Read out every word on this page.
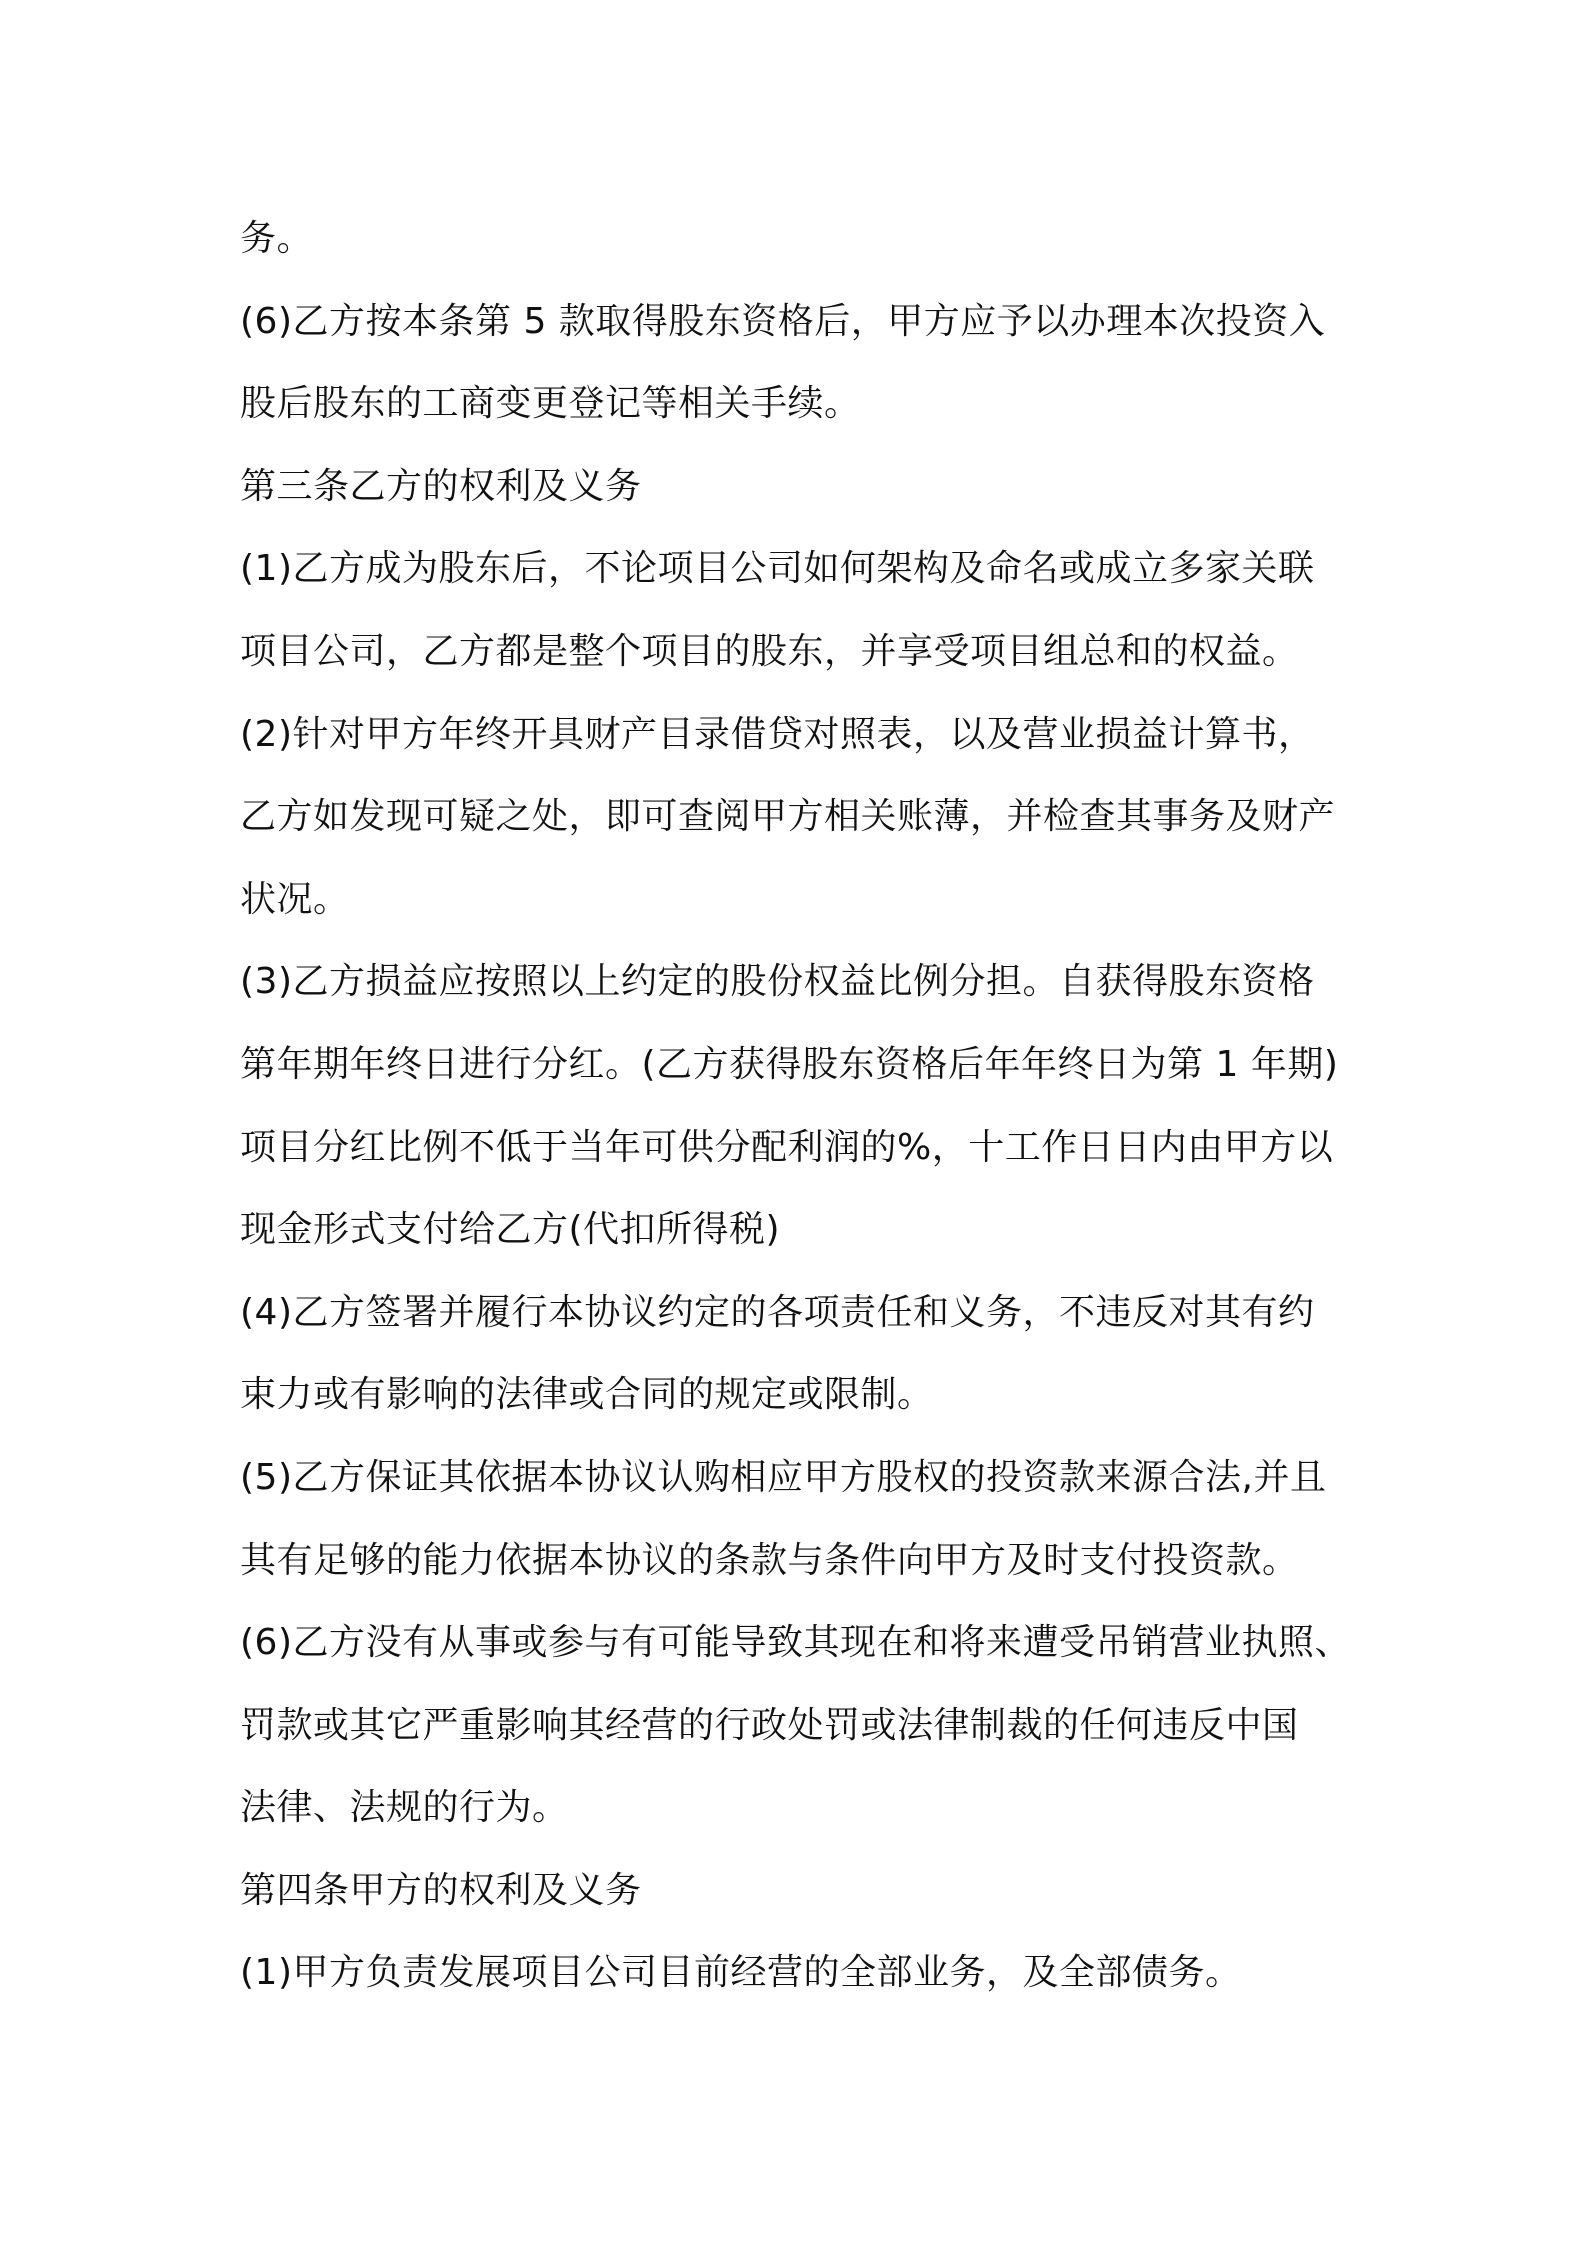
务。
(6)乙方按本条第 5 款取得股东资格后，甲方应予以办理本次投资入
股后股东的工商变更登记等相关手续。
第三条乙方的权利及义务
(1)乙方成为股东后，不论项目公司如何架构及命名或成立多家关联
项目公司，乙方都是整个项目的股东，并享受项目组总和的权益。
(2)针对甲方年终开具财产目录借贷对照表，以及营业损益计算书，
乙方如发现可疑之处，即可查阅甲方相关账薄，并检查其事务及财产
状况。
(3)乙方损益应按照以上约定的股份权益比例分担。自获得股东资格
第年期年终日进行分红。(乙方获得股东资格后年年终日为第 1 年期)
项目分红比例不低于当年可供分配利润的%，十工作日日内由甲方以
现金形式支付给乙方(代扣所得税)
(4)乙方签署并履行本协议约定的各项责任和义务，不违反对其有约
束力或有影响的法律或合同的规定或限制。
(5)乙方保证其依据本协议认购相应甲方股权的投资款来源合法,并且
其有足够的能力依据本协议的条款与条件向甲方及时支付投资款。
(6)乙方没有从事或参与有可能导致其现在和将来遭受吊销营业执照、
罚款或其它严重影响其经营的行政处罚或法律制裁的任何违反中国
法律、法规的行为。
第四条甲方的权利及义务
(1)甲方负责发展项目公司目前经营的全部业务，及全部债务。
